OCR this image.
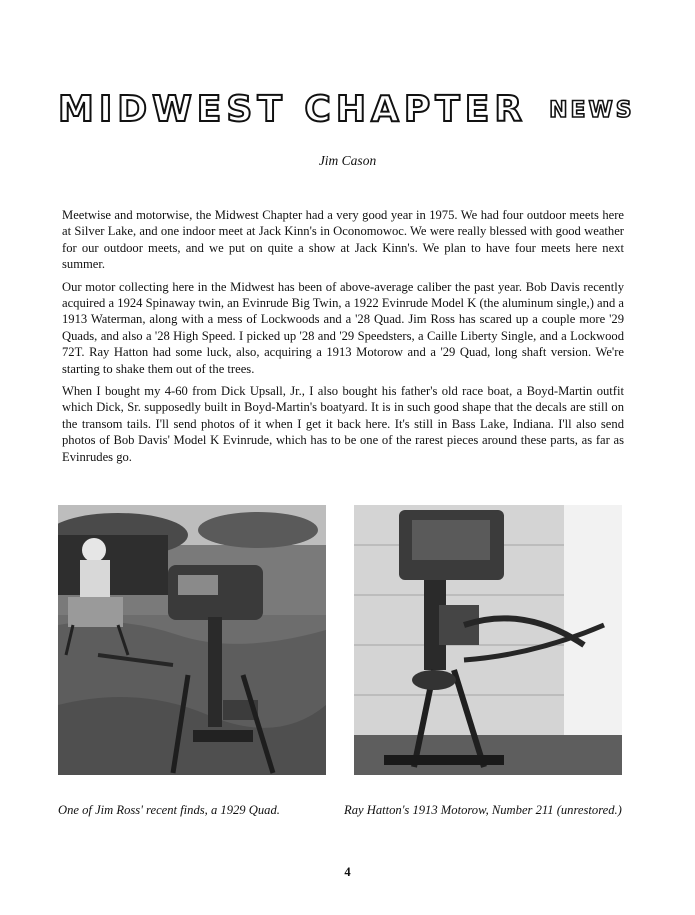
MIDWEST CHAPTER NEWS
Jim Cason

Meetwise and motorwise, the Midwest Chapter had a very good year in 1975. We had four outdoor meets here at Silver Lake, and one indoor meet at Jack Kinn's in Oconomowoc. We were really blessed with good weather for our outdoor meets, and we put on quite a show at Jack Kinn's. We plan to have four meets here next summer.

Our motor collecting here in the Midwest has been of above-average caliber the past year. Bob Davis recently acquired a 1924 Spinaway twin, an Evinrude Big Twin, a 1922 Evinrude Model K (the aluminum single,) and a 1913 Waterman, along with a mess of Lockwoods and a '28 Quad. Jim Ross has scared up a couple more '29 Quads, and also a '28 High Speed. I picked up '28 and '29 Speedsters, a Caille Liberty Single, and a Lockwood 72T. Ray Hatton had some luck, also, acquiring a 1913 Motorow and a '29 Quad, long shaft version. We're starting to shake them out of the trees.

When I bought my 4-60 from Dick Upsall, Jr., I also bought his father's old race boat, a Boyd-Martin outfit which Dick, Sr. supposedly built in Boyd-Martin's boatyard. It is in such good shape that the decals are still on the transom tails. I'll send photos of it when I get it back here. It's still in Bass Lake, Indiana. I'll also send photos of Bob Davis' Model K Evinrude, which has to be one of the rarest pieces around these parts, as far as Evinrudes go.

One of Jim Ross' recent finds, a 1929 Quad.	Ray Hatton's 1913 Motorow, Number 211 (unrestored.)
4
